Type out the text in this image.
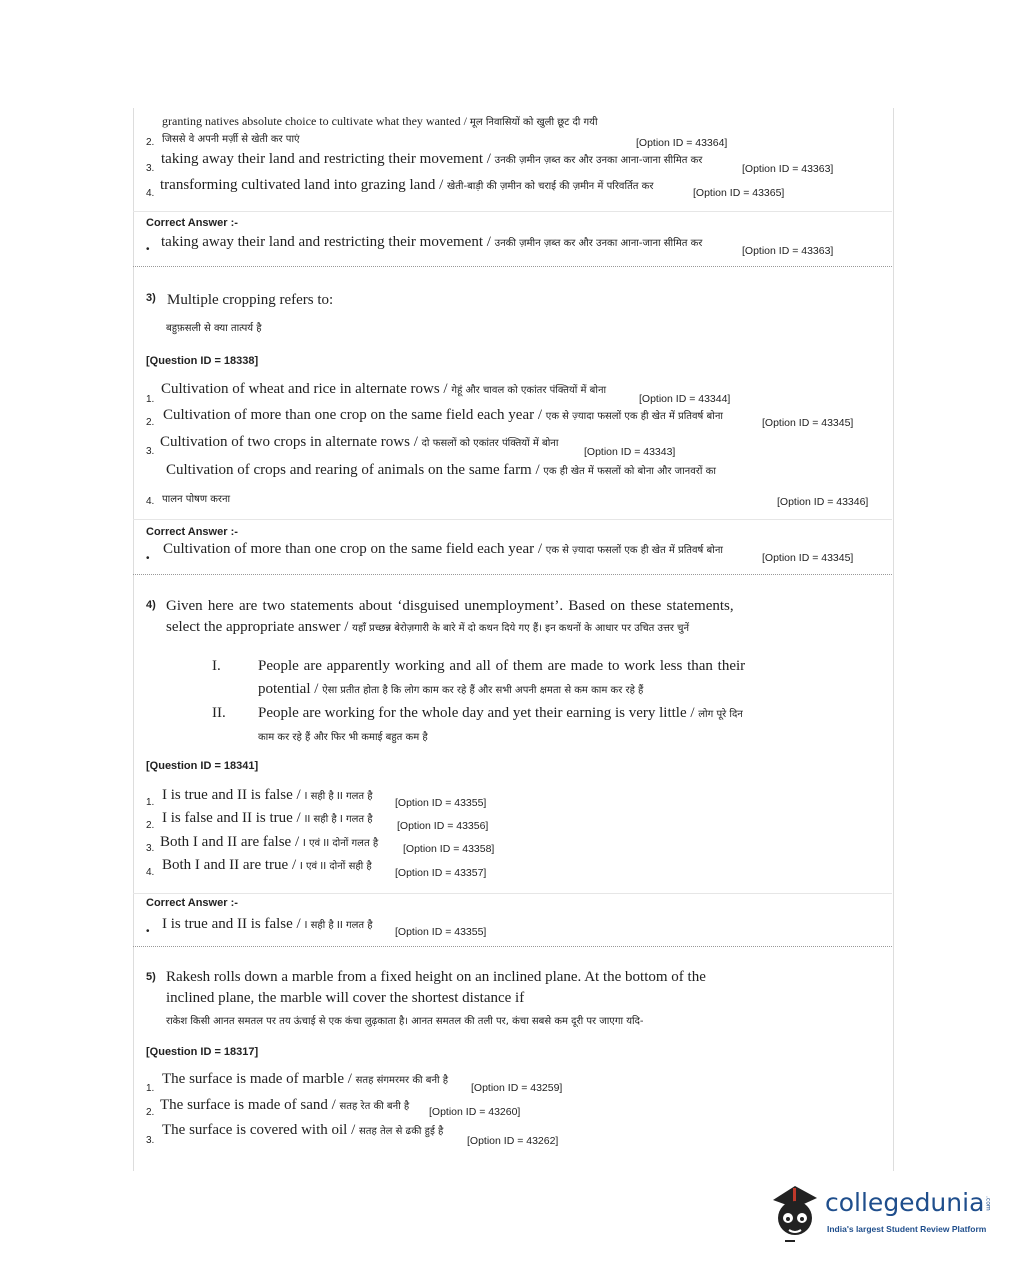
granting natives absolute choice to cultivate what they wanted / मूल निवासियों को खुली छूट दी गयी
जिससे वे अपनी मर्ज़ी से खेती कर पाएं
2.	[Option ID = 43364]
taking away their land and restricting their movement / उनकी ज़मीन ज़ब्त कर और उनका आना-जाना सीमित कर
3.	[Option ID = 43363]
transforming cultivated land into grazing land / खेती-बाड़ी की ज़मीन को चराई की ज़मीन में परिवर्तित कर
4.	[Option ID = 43365]
Correct Answer :-
• taking away their land and restricting their movement / उनकी ज़मीन ज़ब्त कर और उनका आना-जाना सीमित कर
[Option ID = 43363]
3) Multiple cropping refers to:
बहुफ़सली से क्या तात्पर्य है
[Question ID = 18338]
Cultivation of wheat and rice in alternate rows / गेहूं और चावल को एकांतर पंक्तियों में बोना
1.	[Option ID = 43344]
Cultivation of more than one crop on the same field each year / एक से ज़्यादा फसलों एक ही खेत में प्रतिवर्ष बोना
2.	[Option ID = 43345]
Cultivation of two crops in alternate rows / दो फसलों को एकांतर पंक्तियों में बोना
3.	[Option ID = 43343]
Cultivation of crops and rearing of animals on the same farm / एक ही खेत में फसलों को बोना और जानवरों का
पालन पोषण करना
4.	[Option ID = 43346]
Correct Answer :-
•
Cultivation of more than one crop on the same field each year / एक से ज़्यादा फसलों एक ही खेत में प्रतिवर्ष बोना
[Option ID = 43345]
4) Given here are two statements about ‘disguised unemployment’. Based on these statements,
select the appropriate answer / यहाँ प्रच्छन्न बेरोज़गारी के बारे में दो कथन दिये गए हैं। इन कथनों के आधार पर उचित उत्तर चुनें
I. People are apparently working and all of them are made to work less than their
potential / ऐसा प्रतीत होता है कि लोग काम कर रहे हैं और सभी अपनी क्षमता से कम काम कर रहे हैं
II. People are working for the whole day and yet their earning is very little / लोग पूरे दिन
काम कर रहे हैं और फिर भी कमाई बहुत कम है
[Question ID = 18341]
I is true and II is false / I सही है II गलत है
1.	[Option ID = 43355]
I is false and II is true / II सही है I गलत है
2.	[Option ID = 43356]
Both I and II are false / I एवं II दोनों गलत है
3.	[Option ID = 43358]
Both I and II are true / I एवं II दोनों सही है
4.	[Option ID = 43357]
Correct Answer :-
• I is true and II is false / I सही है II गलत है
[Option ID = 43355]
5) Rakesh rolls down a marble from a fixed height on an inclined plane. At the bottom of the
inclined plane, the marble will cover the shortest distance if
राकेश किसी आनत समतल पर तय ऊंचाई से एक कंचा लुढ़काता है। आनत समतल की तली पर, कंचा सबसे कम दूरी पर जाएगा यदि-
[Question ID = 18317]
The surface is made of marble / सतह संगमरमर की बनी है
1.	[Option ID = 43259]
The surface is made of sand / सतह रेत की बनी है
2.	[Option ID = 43260]
The surface is covered with oil / सतह तेल से ढकी हुई है
3.	[Option ID = 43262]
collegedunia.com
India's largest Student Review Platform
